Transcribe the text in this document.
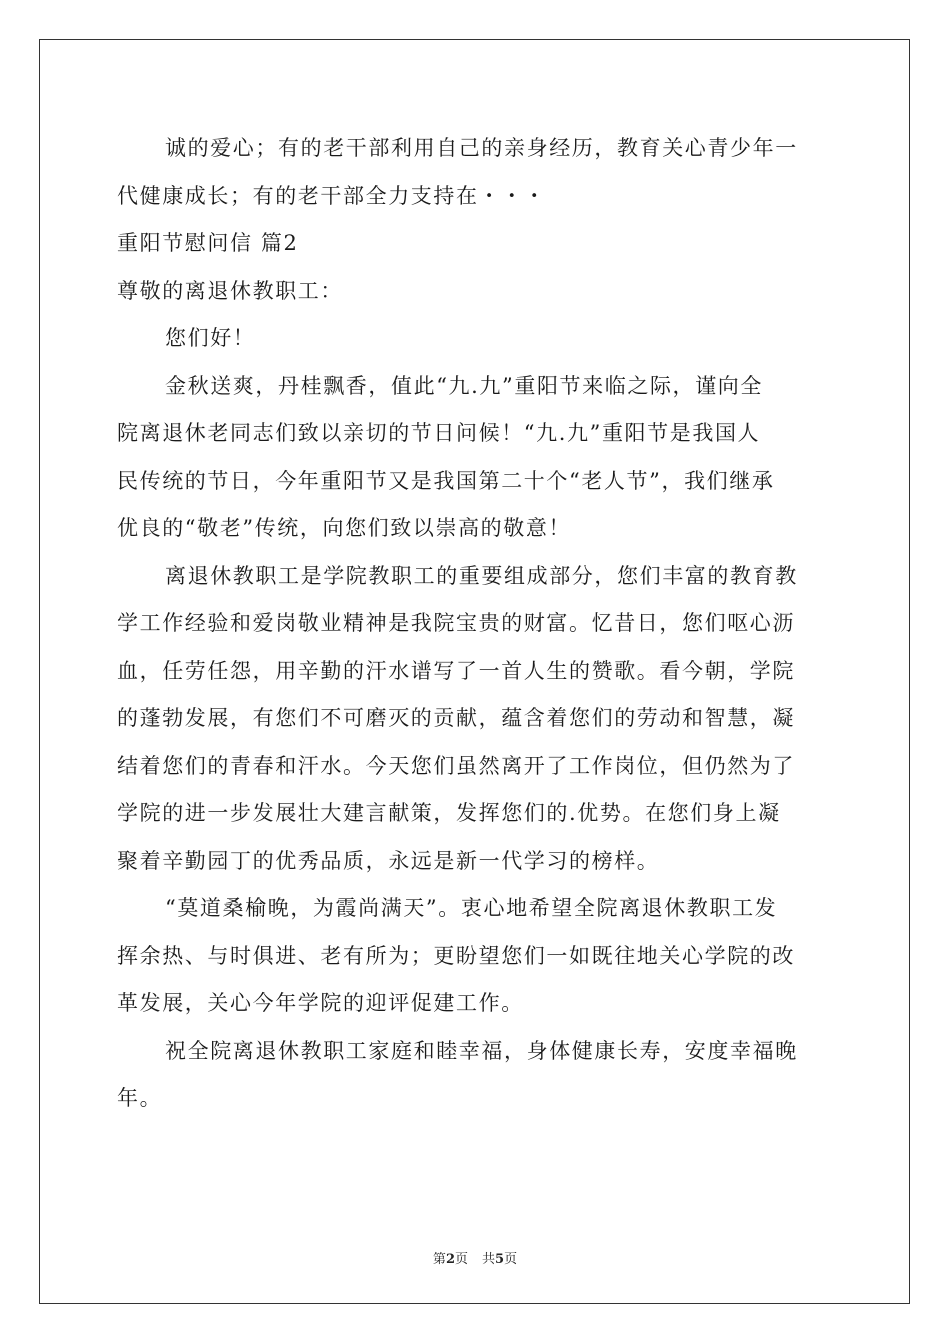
诚的爱心；有的老干部利用自己的亲身经历，教育关心青少年一
代健康成长；有的老干部全力支持在・・・
重阳节慰问信 篇2
尊敬的离退休教职工：
您们好！
金秋送爽，丹桂飘香，值此“九.九”重阳节来临之际，谨向全
院离退休老同志们致以亲切的节日问候！“九.九”重阳节是我国人
民传统的节日，今年重阳节又是我国第二十个“老人节”，我们继承
优良的“敬老”传统，向您们致以崇高的敬意！
离退休教职工是学院教职工的重要组成部分，您们丰富的教育教
学工作经验和爱岗敬业精神是我院宝贵的财富。忆昔日，您们呕心沥
血，任劳任怨，用辛勤的汗水谱写了一首人生的赞歌。看今朝，学院
的蓬勃发展，有您们不可磨灭的贡献，蕴含着您们的劳动和智慧，凝
结着您们的青春和汗水。今天您们虽然离开了工作岗位，但仍然为了
学院的进一步发展壮大建言献策，发挥您们的.优势。在您们身上凝
聚着辛勤园丁的优秀品质，永远是新一代学习的榜样。
“莫道桑榆晚，为霞尚满天”。衷心地希望全院离退休教职工发
挥余热、与时俱进、老有所为；更盼望您们一如既往地关心学院的改
革发展，关心今年学院的迎评促建工作。
祝全院离退休教职工家庭和睦幸福，身体健康长寿，安度幸福晚
年。
第2页 共5页
